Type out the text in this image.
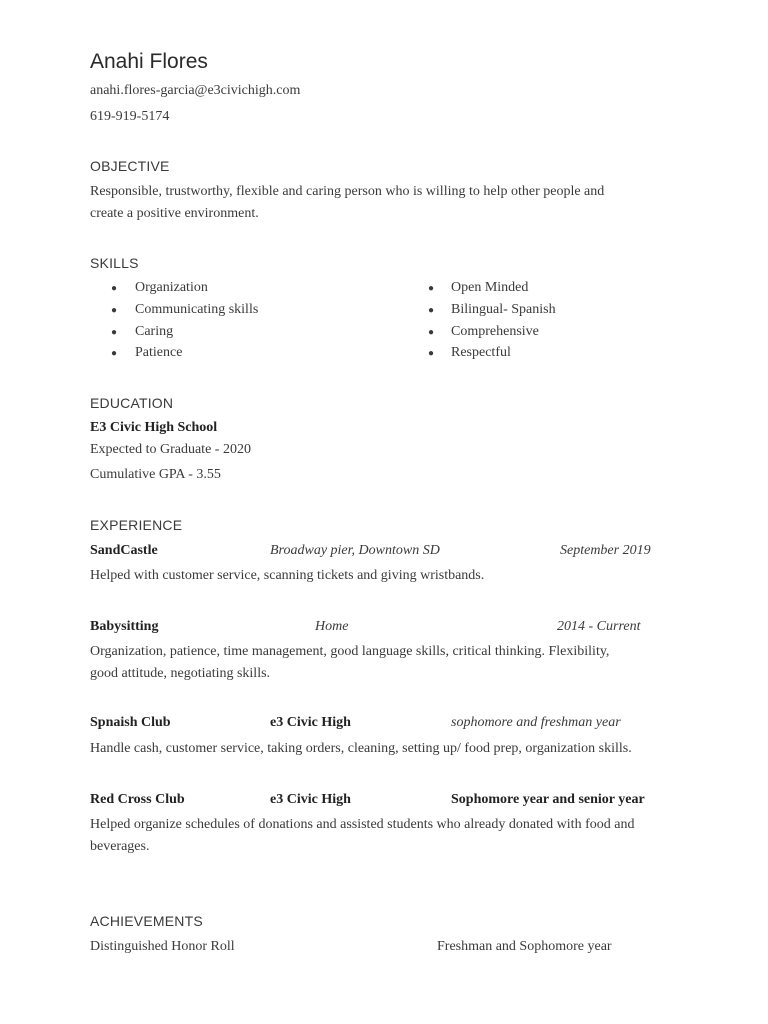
Anahi Flores
anahi.flores-garcia@e3civichigh.com
619-919-5174
OBJECTIVE
Responsible, trustworthy, flexible and caring person who is willing to help other people and
create a positive environment.
SKILLS
● Organization
● Communicating skills
● Caring
● Patience
● Open Minded
● Bilingual- Spanish
● Comprehensive
● Respectful
EDUCATION
E3 Civic High School
Expected to Graduate - 2020
Cumulative GPA - 3.55
EXPERIENCE
SandCastle	Broadway pier, Downtown SD	September 2019
Helped with customer service, scanning tickets and giving wristbands.
Babysitting	Home	2014 - Current
Organization, patience, time management, good language skills, critical thinking. Flexibility,
good attitude, negotiating skills.
Spnaish Club	e3 Civic High	sophomore and freshman year
Handle cash, customer service, taking orders, cleaning, setting up/ food prep, organization skills.
Red Cross Club	e3 Civic High	Sophomore year and senior year
Helped organize schedules of donations and assisted students who already donated with food and
beverages.
ACHIEVEMENTS
Distinguished Honor Roll	Freshman and Sophomore year
